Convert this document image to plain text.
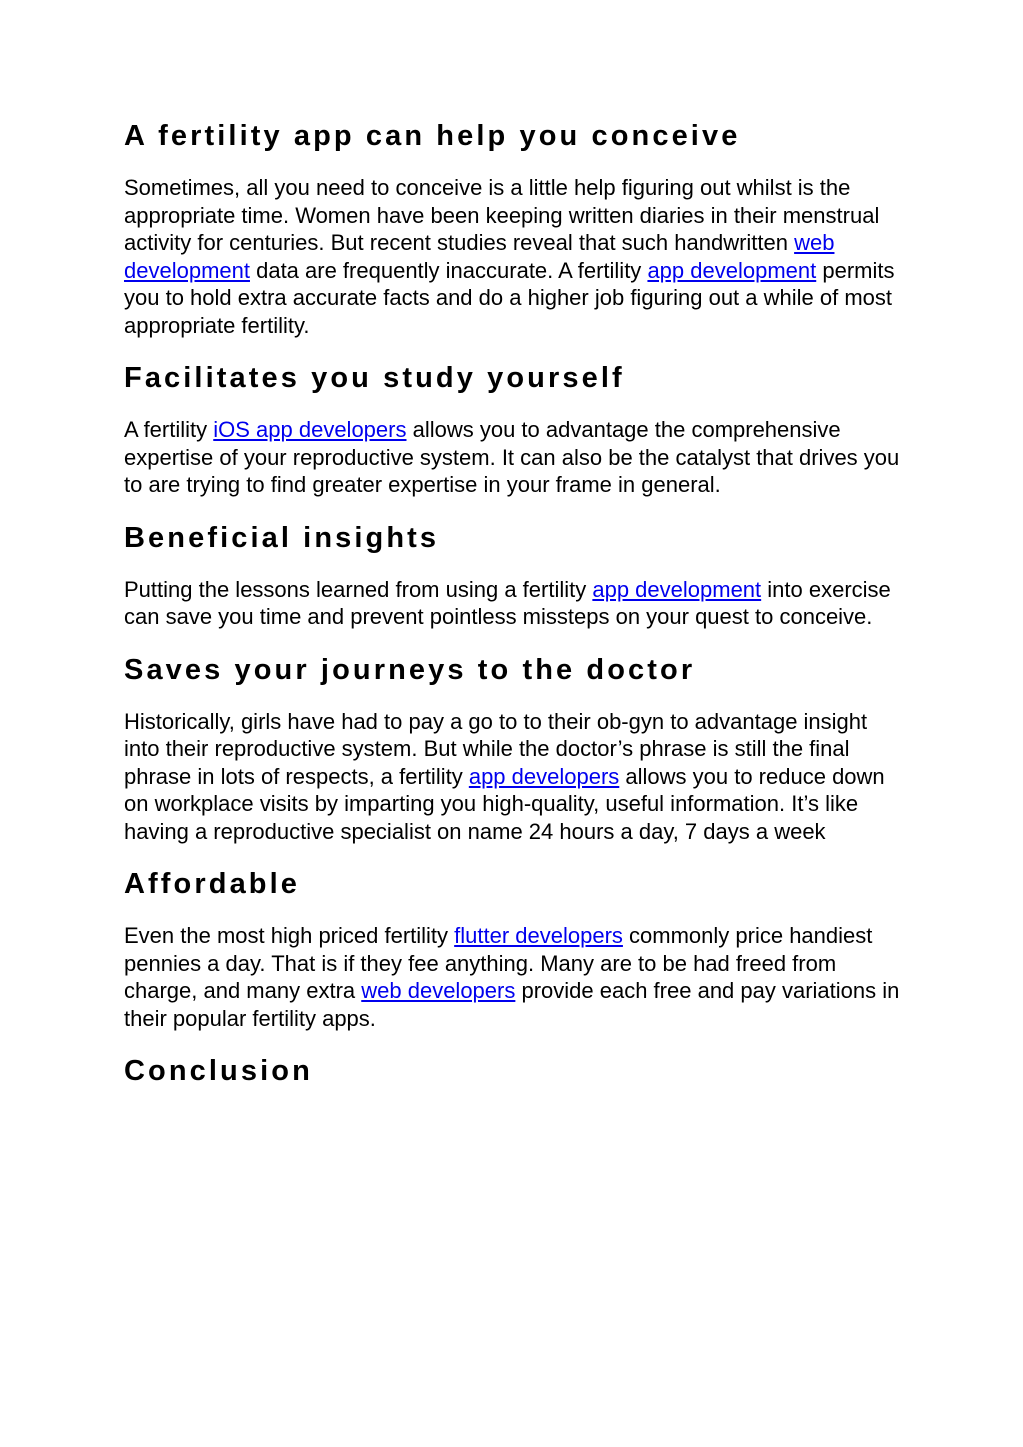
A fertility app can help you conceive

Sometimes, all you need to conceive is a little help figuring out whilst is the appropriate time. Women have been keeping written diaries in their menstrual activity for centuries. But recent studies reveal that such handwritten web development data are frequently inaccurate. A fertility app development permits you to hold extra accurate facts and do a higher job figuring out a while of most appropriate fertility.

Facilitates you study yourself

A fertility iOS app developers allows you to advantage the comprehensive expertise of your reproductive system. It can also be the catalyst that drives you to are trying to find greater expertise in your frame in general.

Beneficial insights

Putting the lessons learned from using a fertility app development into exercise can save you time and prevent pointless missteps on your quest to conceive.

Saves your journeys to the doctor

Historically, girls have had to pay a go to to their ob-gyn to advantage insight into their reproductive system. But while the doctor’s phrase is still the final phrase in lots of respects, a fertility app developers allows you to reduce down on workplace visits by imparting you high-quality, useful information. It’s like having a reproductive specialist on name 24 hours a day, 7 days a week

Affordable

Even the most high priced fertility flutter developers commonly price handiest pennies a day. That is if they fee anything. Many are to be had freed from charge, and many extra web developers provide each free and pay variations in their popular fertility apps.

Conclusion
